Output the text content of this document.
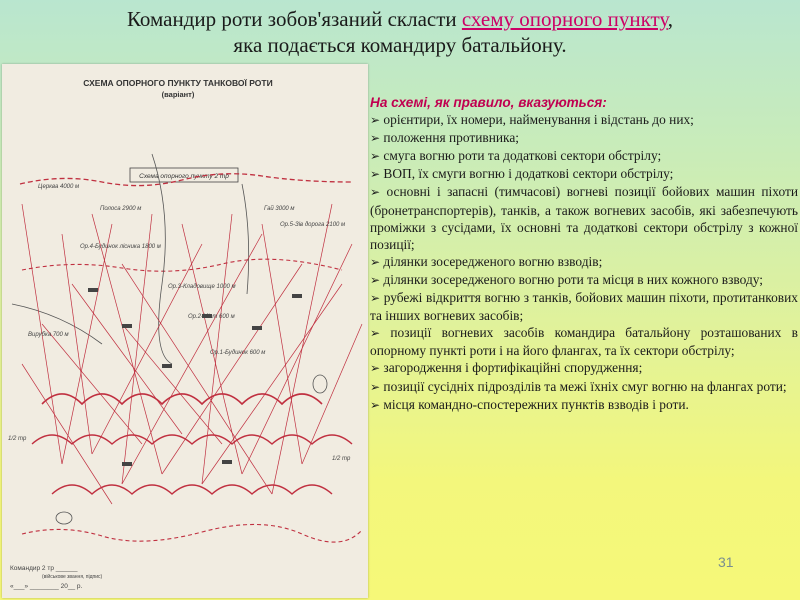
Командир роти зобов'язаний скласти схему опорного пункту,
яка подається командиру батальйону.
СХЕМА ОПОРНОГО ПУНКТУ ТАНКОВОЇ РОТИ
(варіант)
Схема опорного пункту 2 тр
Церква 4000 м
Полоса 2900 м	Гай 3000 м
Ор.5-Зів дорога 2100 м
Ор.4-Будинок лісника 1800 м
Ор.3-Кладовище 1000 м
Ор.2-Міст 600 м
Ор.1-Будинок 600 м
Вирубка 700 м
1/2 тр
1/2 тр
Командир 2 тр ______
(військове звання, підпис)
«___» ________ 20__ р.
На схемі, як правило, вказуються:
➢ орієнтири, їх номери, найменування і відстань до них;
➢ положення противника;
➢ смуга вогню роти та додаткові сектори обстрілу;
➢ ВОП, їх смуги вогню і додаткові сектори обстрілу;
➢ основні і запасні (тимчасові) вогневі позиції бойових машин піхоти (бронетранспортерів), танків, а також вогневих засобів, які забезпечують проміжки з сусідами, їх основні та додаткові сектори обстрілу з кожної позиції;
➢ ділянки зосередженого вогню взводів;
➢ ділянки зосередженого вогню роти та місця в них кожного взводу;
➢ рубежі відкриття вогню з танків, бойових машин піхоти, протитанкових та інших вогневих засобів;
➢ позиції вогневих засобів командира батальйону розташованих в опорному пункті роти і на його флангах, та їх сектори обстрілу;
➢ загородження і фортифікаційні спорудження;
➢ позиції сусідніх підрозділів та межі їхніх смуг вогню на флангах роти;
➢ місця командно-спостережних пунктів взводів і роти.
31
